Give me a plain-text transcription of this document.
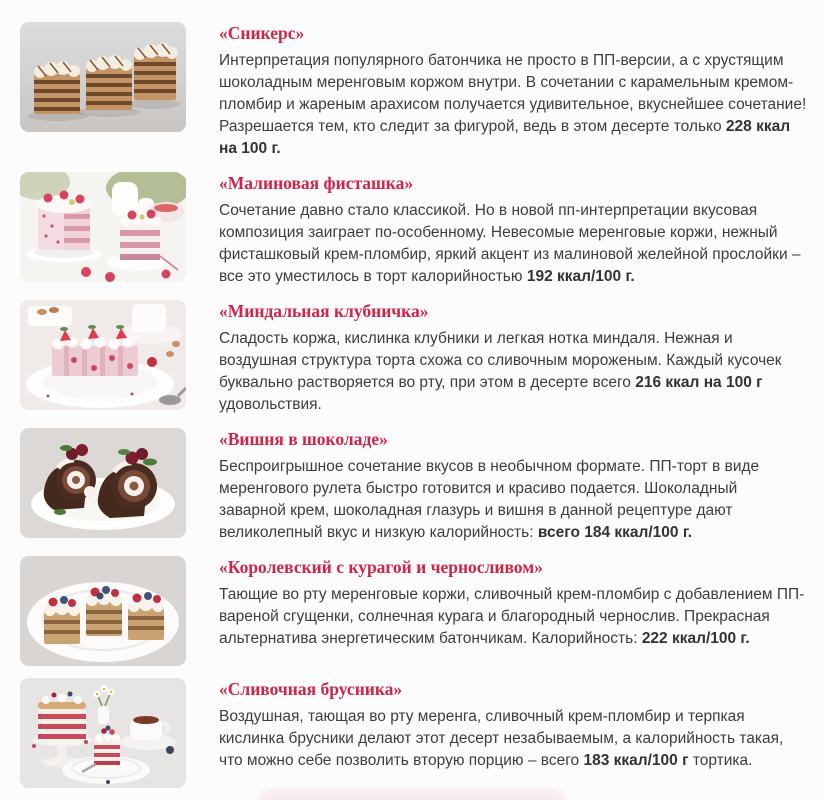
«Сникерс»

Интерпретация популярного батончика не просто в ПП-версии, а с хрустящим шоколадным меренговым коржом внутри. В сочетании с карамельным кремом-пломбир и жареным арахисом получается удивительное, вкуснейшее сочетание! Разрешается тем, кто следит за фигурой, ведь в этом десерте только 228 ккал на 100 г.

«Малиновая фисташка»

Сочетание давно стало классикой. Но в новой пп-интерпретации вкусовая композиция заиграет по-особенному. Невесомые меренговые коржи, нежный фисташковый крем-пломбир, яркий акцент из малиновой желейной прослойки – все это уместилось в торт калорийностью 192 ккал/100 г.

«Миндальная клубничка»

Сладость коржа, кислинка клубники и легкая нотка миндаля. Нежная и воздушная структура торта схожа со сливочным мороженым. Каждый кусочек буквально растворяется во рту, при этом в десерте всего 216 ккал на 100 г удовольствия.

«Вишня в шоколаде»

Беспроигрышное сочетание вкусов в необычном формате. ПП-торт в виде меренгового рулета быстро готовится и красиво подается. Шоколадный заварной крем, шоколадная глазурь и вишня в данной рецептуре дают великолепный вкус и низкую калорийность: всего 184 ккал/100 г.

«Королевский с курагой и черносливом»

Тающие во рту меренговые коржи, сливочный крем-пломбир с добавлением ПП-вареной сгущенки, солнечная курага и благородный чернослив. Прекрасная альтернатива энергетическим батончикам. Калорийность: 222 ккал/100 г.

«Сливочная брусника»

Воздушная, тающая во рту меренга, сливочный крем-пломбир и терпкая кислинка брусники делают этот десерт незабываемым, а калорийность такая, что можно себе позволить вторую порцию – всего 183 ккал/100 г тортика.
